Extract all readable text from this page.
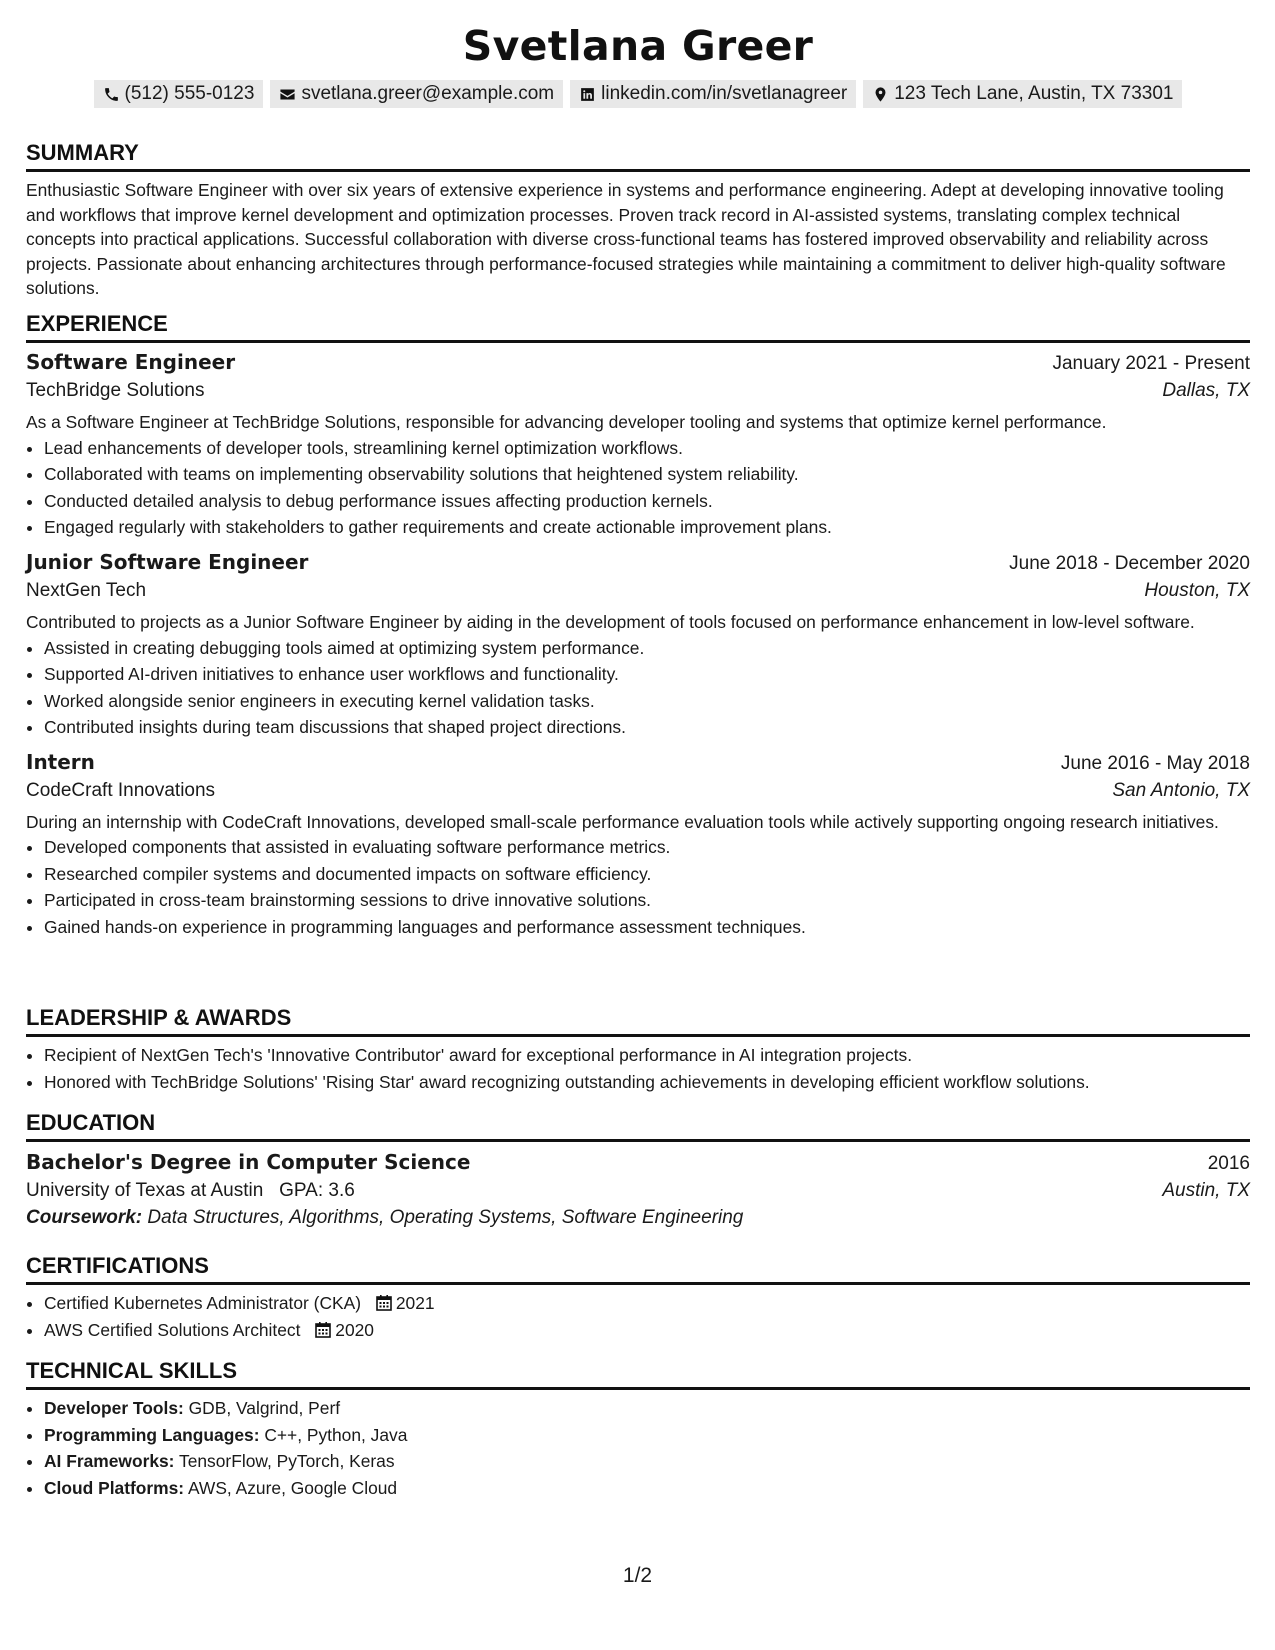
Svetlana Greer
(512) 555-0123 svetlana.greer@example.com linkedin.com/in/svetlanagreer 123 Tech Lane, Austin, TX 73301
SUMMARY
Enthusiastic Software Engineer with over six years of extensive experience in systems and performance engineering. Adept at developing innovative tooling and workflows that improve kernel development and optimization processes. Proven track record in AI-assisted systems, translating complex technical concepts into practical applications. Successful collaboration with diverse cross-functional teams has fostered improved observability and reliability across projects. Passionate about enhancing architectures through performance-focused strategies while maintaining a commitment to deliver high-quality software solutions.
EXPERIENCE
Software Engineer	January 2021 - Present
TechBridge Solutions	Dallas, TX
As a Software Engineer at TechBridge Solutions, responsible for advancing developer tooling and systems that optimize kernel performance.
• Lead enhancements of developer tools, streamlining kernel optimization workflows.
• Collaborated with teams on implementing observability solutions that heightened system reliability.
• Conducted detailed analysis to debug performance issues affecting production kernels.
• Engaged regularly with stakeholders to gather requirements and create actionable improvement plans.
Junior Software Engineer	June 2018 - December 2020
NextGen Tech	Houston, TX
Contributed to projects as a Junior Software Engineer by aiding in the development of tools focused on performance enhancement in low-level software.
• Assisted in creating debugging tools aimed at optimizing system performance.
• Supported AI-driven initiatives to enhance user workflows and functionality.
• Worked alongside senior engineers in executing kernel validation tasks.
• Contributed insights during team discussions that shaped project directions.
Intern	June 2016 - May 2018
CodeCraft Innovations	San Antonio, TX
During an internship with CodeCraft Innovations, developed small-scale performance evaluation tools while actively supporting ongoing research initiatives.
• Developed components that assisted in evaluating software performance metrics.
• Researched compiler systems and documented impacts on software efficiency.
• Participated in cross-team brainstorming sessions to drive innovative solutions.
• Gained hands-on experience in programming languages and performance assessment techniques.
LEADERSHIP & AWARDS
• Recipient of NextGen Tech's 'Innovative Contributor' award for exceptional performance in AI integration projects.
• Honored with TechBridge Solutions' 'Rising Star' award recognizing outstanding achievements in developing efficient workflow solutions.
EDUCATION
Bachelor's Degree in Computer Science	2016
University of Texas at Austin GPA: 3.6	Austin, TX
Coursework: Data Structures, Algorithms, Operating Systems, Software Engineering
CERTIFICATIONS
• Certified Kubernetes Administrator (CKA) 2021
• AWS Certified Solutions Architect 2020
TECHNICAL SKILLS
• Developer Tools: GDB, Valgrind, Perf
• Programming Languages: C++, Python, Java
• AI Frameworks: TensorFlow, PyTorch, Keras
• Cloud Platforms: AWS, Azure, Google Cloud
1/2
